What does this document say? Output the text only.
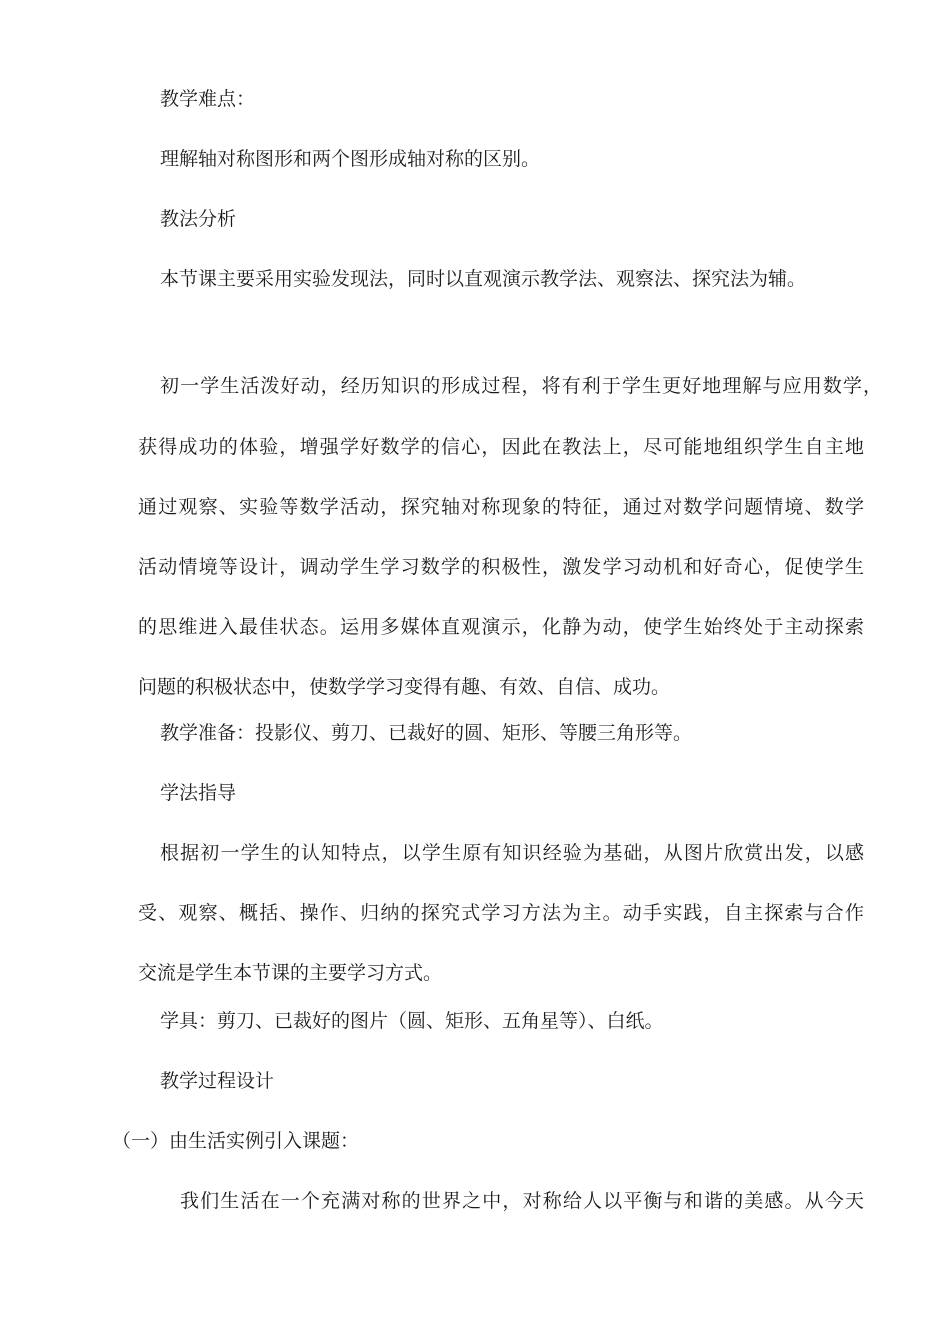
教学难点：
理解轴对称图形和两个图形成轴对称的区别。
教法分析
本节课主要采用实验发现法，同时以直观演示教学法、观察法、探究法为辅。
初一学生活泼好动，经历知识的形成过程，将有利于学生更好地理解与应用数学，
获得成功的体验，增强学好数学的信心，因此在教法上，尽可能地组织学生自主地
通过观察、实验等数学活动，探究轴对称现象的特征，通过对数学问题情境、数学
活动情境等设计，调动学生学习数学的积极性，激发学习动机和好奇心，促使学生
的思维进入最佳状态。运用多媒体直观演示，化静为动，使学生始终处于主动探索
问题的积极状态中，使数学学习变得有趣、有效、自信、成功。
教学准备：投影仪、剪刀、已裁好的圆、矩形、等腰三角形等。
学法指导
根据初一学生的认知特点，以学生原有知识经验为基础，从图片欣赏出发，以感
受、观察、概括、操作、归纳的探究式学习方法为主。动手实践，自主探索与合作
交流是学生本节课的主要学习方式。
学具：剪刀、已裁好的图片（圆、矩形、五角星等）、白纸。
教学过程设计
（一）由生活实例引入课题：
我们生活在一个充满对称的世界之中，对称给人以平衡与和谐的美感。从今天
